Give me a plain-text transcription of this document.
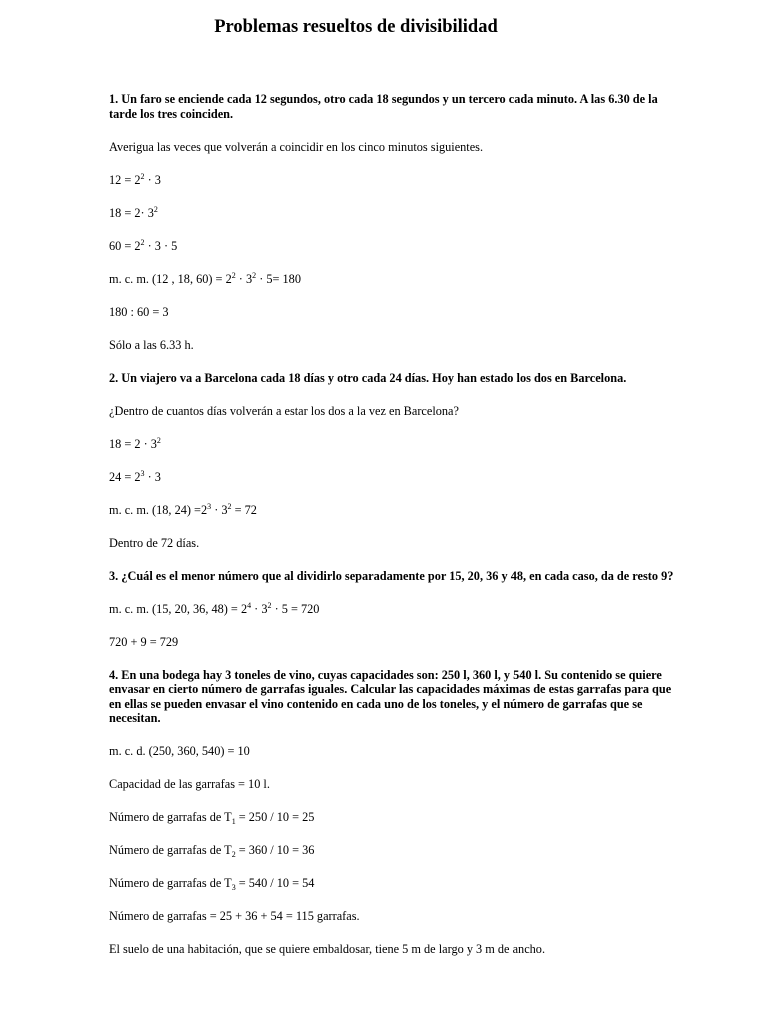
Problemas resueltos de divisibilidad

1. Un faro se enciende cada 12 segundos, otro cada 18 segundos y un tercero cada minuto. A las 6.30 de la tarde los tres coinciden.

Averigua las veces que volverán a coincidir en los cinco minutos siguientes.

$12 = 2^2 \cdot 3$

$18 = 2\cdot 3^2$

$60 = 2^2 \cdot 3 \cdot 5$

m. c. m. (12 , 18, $60) = 2^2 \cdot 3^2 \cdot 5= 180$

180 : 60 = 3

Sólo a las 6.33 h.

2. Un viajero va a Barcelona cada 18 días y otro cada 24 días. Hoy han estado los dos en Barcelona.

¿Dentro de cuantos días volverán a estar los dos a la vez en Barcelona?

$18 = 2 \cdot 3^2$

$24 = 2^3 \cdot 3$

m. c. m. (18, $24) =2^3 \cdot 3^2 = 72$

Dentro de 72 días.

3. ¿Cuál es el menor número que al dividirlo separadamente por 15, 20, 36 y 48, en cada caso, da de resto 9?

m. c. m. (15, 20, 36, $48) = 2^4 \cdot 3^2 \cdot 5 = 720$

720 + 9 = 729

4. En una bodega hay 3 toneles de vino, cuyas capacidades son: 250 l, 360 l, y 540 l. Su contenido se quiere envasar en cierto número de garrafas iguales. Calcular las capacidades máximas de estas garrafas para que en ellas se pueden envasar el vino contenido en cada uno de los toneles, y el número de garrafas que se necesitan.

m. c. d. (250, 360, 540) = 10

Capacidad de las garrafas = 10 l.

Número de garrafas de $T_1 = 250 / 10 = 25$

Número de garrafas de $T_2 = 360 / 10 = 36$

Número de garrafas de $T_3 = 540 / 10 = 54$

Número de garrafas = 25 + 36 + 54 = 115 garrafas.

El suelo de una habitación, que se quiere embaldosar, tiene 5 m de largo y 3 m de ancho.
